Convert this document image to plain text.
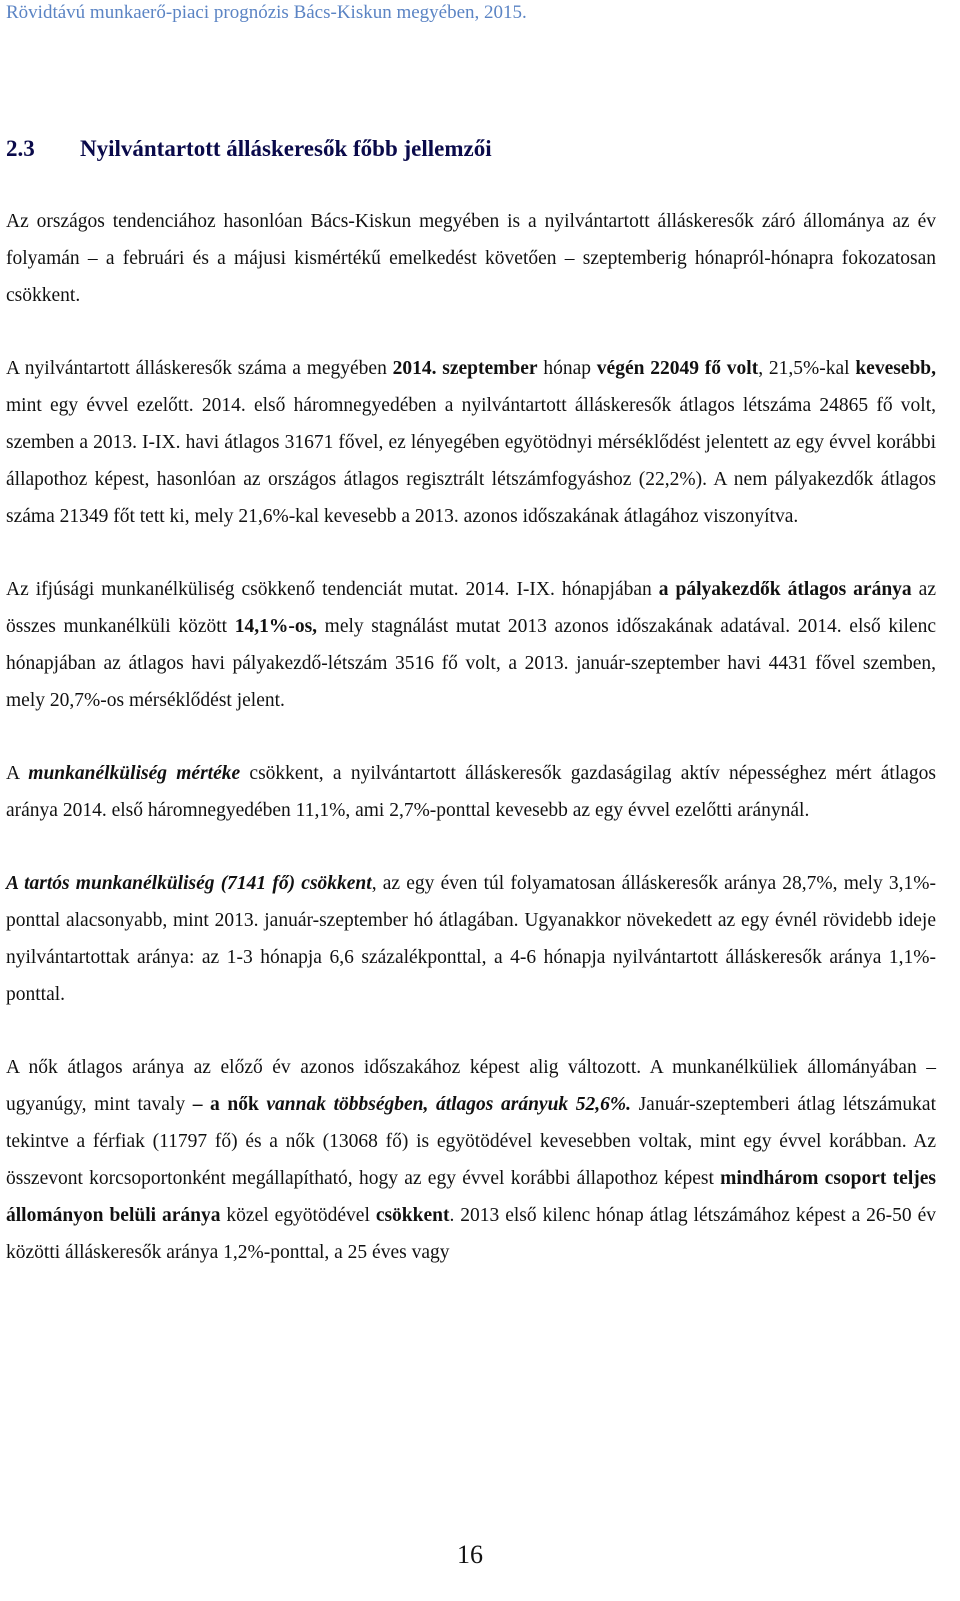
Rövidtávú munkaerő-piaci prognózis Bács-Kiskun megyében, 2015.
2.3 Nyilvántartott álláskeresők főbb jellemzői

Az országos tendenciához hasonlóan Bács-Kiskun megyében is a nyilvántartott álláskeresők záró állománya az év folyamán – a februári és a májusi kismértékű emelkedést követően – szeptemberig hónapról-hónapra fokozatosan csökkent.

A nyilvántartott álláskeresők száma a megyében 2014. szeptember hónap végén 22049 fő volt, 21,5%-kal kevesebb, mint egy évvel ezelőtt. 2014. első háromnegyedében a nyilvántartott álláskeresők átlagos létszáma 24865 fő volt, szemben a 2013. I-IX. havi átlagos 31671 fővel, ez lényegében egyötödnyi mérséklődést jelentett az egy évvel korábbi állapothoz képest, hasonlóan az országos átlagos regisztrált létszámfogyáshoz (22,2%). A nem pályakezdők átlagos száma 21349 főt tett ki, mely 21,6%-kal kevesebb a 2013. azonos időszakának átlagához viszonyítva.

Az ifjúsági munkanélküliség csökkenő tendenciát mutat. 2014. I-IX. hónapjában a pályakezdők átlagos aránya az összes munkanélküli között 14,1%-os, mely stagnálást mutat 2013 azonos időszakának adatával. 2014. első kilenc hónapjában az átlagos havi pályakezdő-létszám 3516 fő volt, a 2013. január-szeptember havi 4431 fővel szemben, mely 20,7%-os mérséklődést jelent.

A munkanélküliség mértéke csökkent, a nyilvántartott álláskeresők gazdaságilag aktív népességhez mért átlagos aránya 2014. első háromnegyedében 11,1%, ami 2,7%-ponttal kevesebb az egy évvel ezelőtti aránynál.

A tartós munkanélküliség (7141 fő) csökkent, az egy éven túl folyamatosan álláskeresők aránya 28,7%, mely 3,1%-ponttal alacsonyabb, mint 2013. január-szeptember hó átlagában. Ugyanakkor növekedett az egy évnél rövidebb ideje nyilvántartottak aránya: az 1-3 hónapja 6,6 százalékponttal, a 4-6 hónapja nyilvántartott álláskeresők aránya 1,1%-ponttal.

A nők átlagos aránya az előző év azonos időszakához képest alig változott. A munkanélküliek állományában – ugyanúgy, mint tavaly – a nők vannak többségben, átlagos arányuk 52,6%. Január-szeptemberi átlag létszámukat tekintve a férfiak (11797 fő) és a nők (13068 fő) is egyötödével kevesebben voltak, mint egy évvel korábban. Az összevont korcsoportonként megállapítható, hogy az egy évvel korábbi állapothoz képest mindhárom csoport teljes állományon belüli aránya közel egyötödével csökkent. 2013 első kilenc hónap átlag létszámához képest a 26-50 év közötti álláskeresők aránya 1,2%-ponttal, a 25 éves vagy

16
